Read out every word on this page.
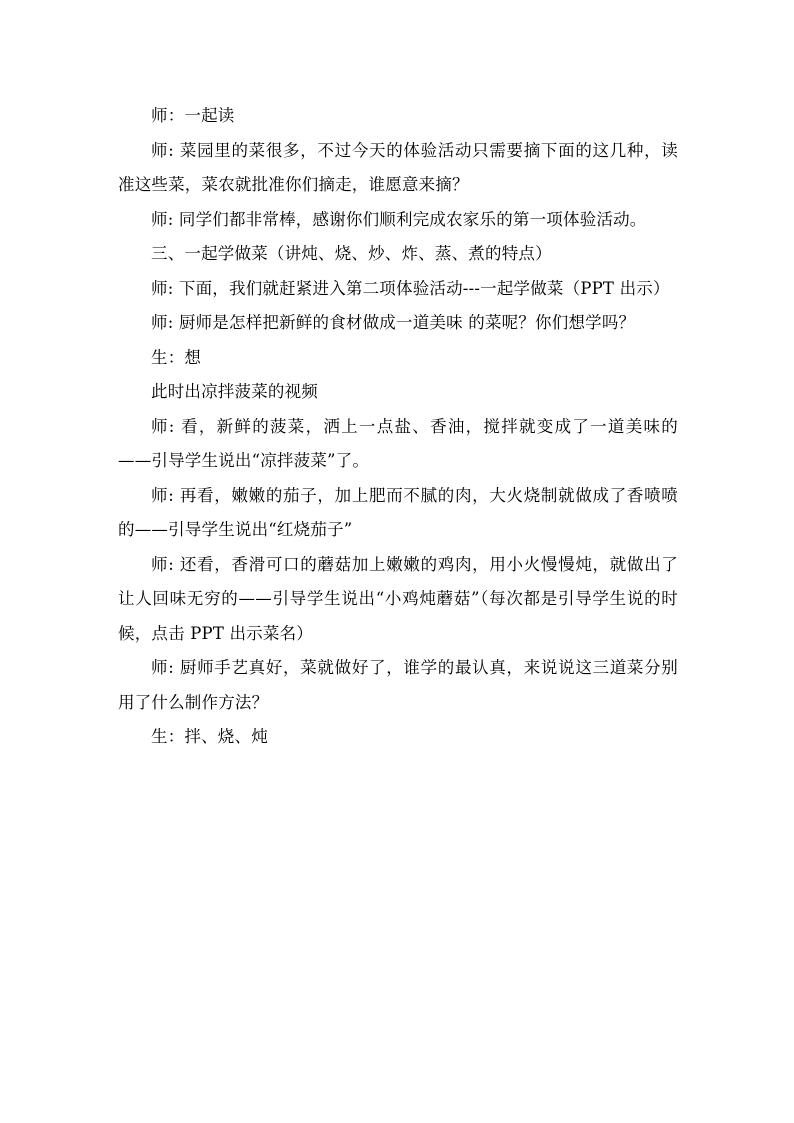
师：一起读

师: 菜园里的菜很多，不过今天的体验活动只需要摘下面的这几种，读准这些菜，菜农就批准你们摘走，谁愿意来摘？

师: 同学们都非常棒，感谢你们顺利完成农家乐的第一项体验活动。

三、一起学做菜（讲炖、烧、炒、炸、蒸、煮的特点）

师: 下面，我们就赶紧进入第二项体验活动---一起学做菜（PPT 出示）

师: 厨师是怎样把新鲜的食材做成一道美味 的菜呢？你们想学吗？

生：想

此时出凉拌菠菜的视频

师: 看，新鲜的菠菜，洒上一点盐、香油，搅拌就变成了一道美味的——引导学生说出“凉拌菠菜”了。

师: 再看，嫩嫩的茄子，加上肥而不腻的肉，大火烧制就做成了香喷喷的——引导学生说出“红烧茄子”

师: 还看，香滑可口的蘑菇加上嫩嫩的鸡肉，用小火慢慢炖，就做出了让人回味无穷的——引导学生说出“小鸡炖蘑菇”（每次都是引导学生说的时候，点击 PPT 出示菜名）

师: 厨师手艺真好，菜就做好了，谁学的最认真，来说说这三道菜分别用了什么制作方法？

生：拌、烧、炖
